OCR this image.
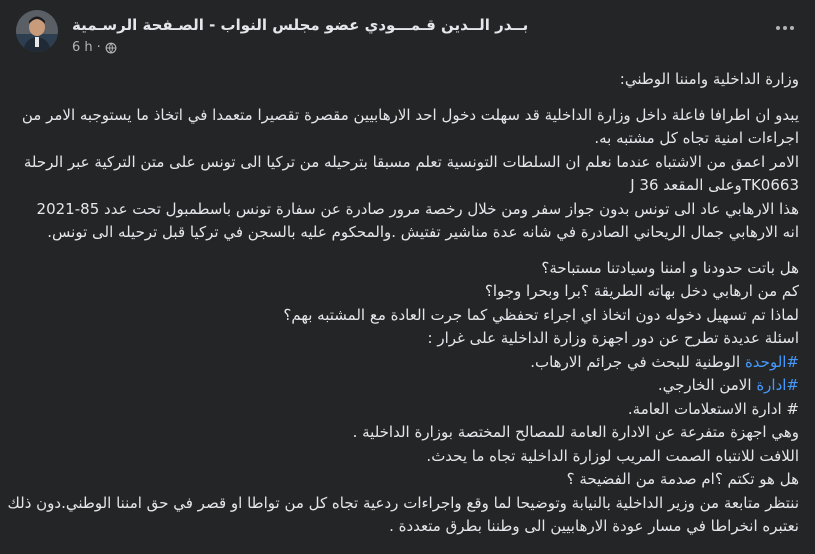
بــدر الــدين قـمـــودي عضو مجلس النواب - الصـفحة الرسـمية
6 h ·
وزارة الداخلية وامننا الوطني:
يبدو ان اطرافا فاعلة داخل وزارة الداخلية قد سهلت دخول احد الارهابيين مقصرة تقصيرا متعمدا في اتخاذ ما يستوجبه الامر من
اجراءات امنية تجاه كل مشتبه به.
الامر اعمق من الاشتباه عندما نعلم ان السلطات التونسية تعلم مسبقا بترحيله من تركيا الى تونس على متن التركية عبر الرحلة
TK0663وعلى المقعد 36 J
هذا الارهابي عاد الى تونس بدون جواز سفر ومن خلال رخصة مرور صادرة عن سفارة تونس باسطمبول تحت عدد 85-2021
انه الارهابي جمال الريحاني الصادرة في شانه عدة مناشير تفتيش .والمحكوم عليه بالسجن في تركيا قبل ترحيله الى تونس.
هل باتت حدودنا و امننا وسيادتنا مستباحة؟
كم من ارهابي دخل بهاته الطريقة ؟برا وبحرا وجوا؟
لماذا تم تسهيل دخوله دون اتخاذ اي اجراء تحفظي كما جرت العادة مع المشتبه بهم؟
اسئلة عديدة تطرح عن دور اجهزة وزارة الداخلية على غرار :
#الوحدة الوطنية للبحث في جرائم الارهاب.
#ادارة الامن الخارجي.
# ادارة الاستعلامات العامة.
وهي اجهزة متفرعة عن الادارة العامة للمصالح المختصة بوزارة الداخلية .
اللافت للانتباه الصمت المريب لوزارة الداخلية تجاه ما يحدث.
هل هو تكتم ؟ام صدمة من الفضيحة ؟
ننتظر متابعة من وزير الداخلية بالنيابة وتوضيحا لما وقع واجراءات ردعية تجاه كل من تواطا او قصر في حق امننا الوطني.دون ذلك
نعتبره انخراطا في مسار عودة الارهابيين الى وطننا بطرق متعددة .
